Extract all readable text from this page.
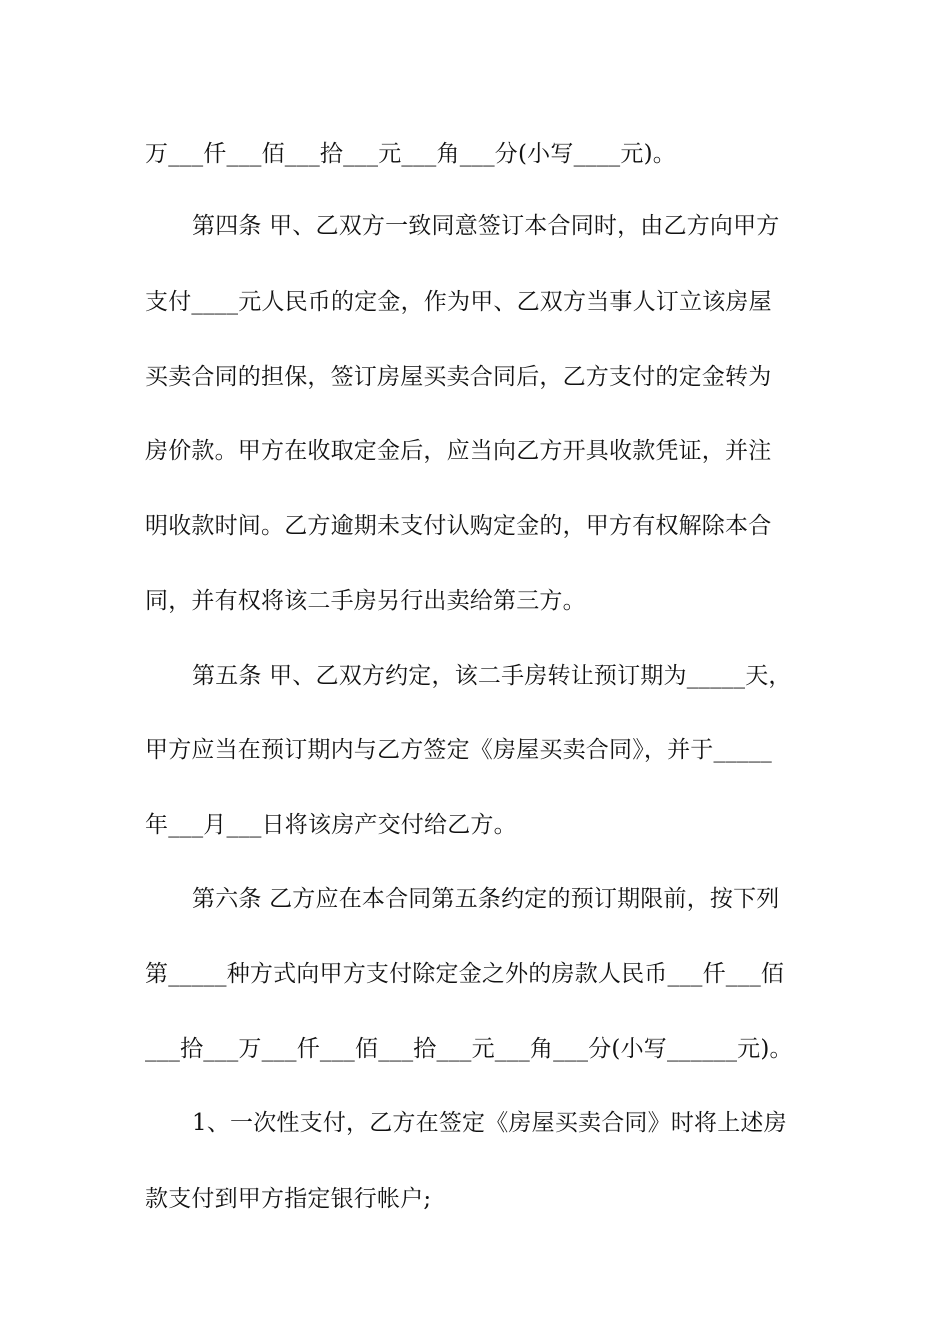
万___仟___佰___拾___元___角___分(小写____元)。
第四条 甲、乙双方一致同意签订本合同时，由乙方向甲方
支付____元人民币的定金，作为甲、乙双方当事人订立该房屋
买卖合同的担保，签订房屋买卖合同后，乙方支付的定金转为
房价款。甲方在收取定金后，应当向乙方开具收款凭证，并注
明收款时间。乙方逾期未支付认购定金的，甲方有权解除本合
同，并有权将该二手房另行出卖给第三方。
第五条 甲、乙双方约定，该二手房转让预订期为_____天，
甲方应当在预订期内与乙方签定《房屋买卖合同》，并于_____
年___月___日将该房产交付给乙方。
第六条 乙方应在本合同第五条约定的预订期限前，按下列
第_____种方式向甲方支付除定金之外的房款人民币___仟___佰
___拾___万___仟___佰___拾___元___角___分(小写______元)。
1、一次性支付，乙方在签定《房屋买卖合同》时将上述房
款支付到甲方指定银行帐户;
